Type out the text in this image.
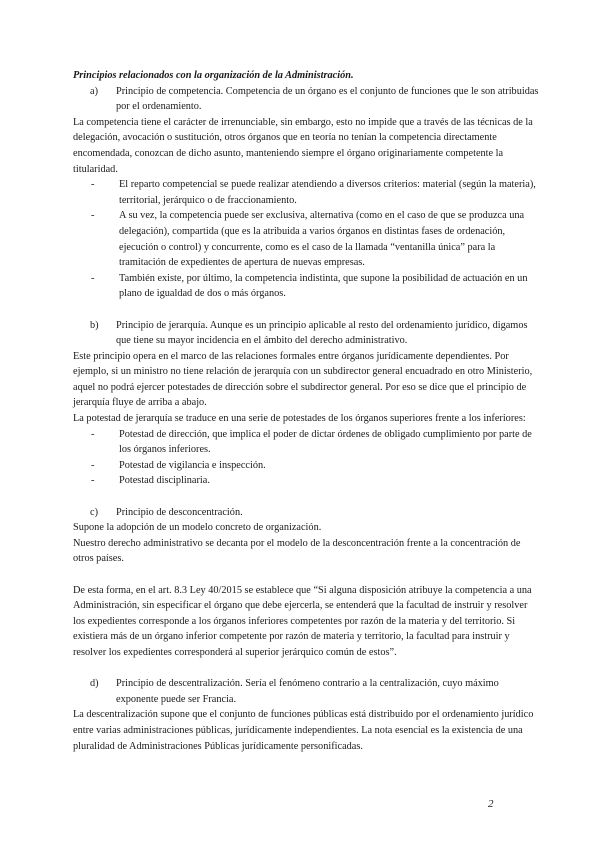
Principios relacionados con la organización de la Administración.

a)	Principio de competencia. Competencia de un órgano es el conjunto de funciones que le son atribuidas por el ordenamiento.

La competencia tiene el carácter de irrenunciable, sin embargo, esto no impide que a través de las técnicas de la delegación, avocación o sustitución, otros órganos que en teoría no tenían la competencia directamente encomendada, conozcan de dicho asunto, manteniendo siempre el órgano originariamente competente la titularidad.

-	El reparto competencial se puede realizar atendiendo a diversos criterios: material (según la materia), territorial, jerárquico o de fraccionamiento.
-	A su vez, la competencia puede ser exclusiva, alternativa (como en el caso de que se produzca una delegación), compartida (que es la atribuida a varios órganos en distintas fases de ordenación, ejecución o control) y concurrente, como es el caso de la llamada “ventanilla única” para la tramitación de expedientes de apertura de nuevas empresas.
-	También existe, por último, la competencia indistinta, que supone la posibilidad de actuación en un plano de igualdad de dos o más órganos.
b)	Principio de jerarquía. Aunque es un principio aplicable al resto del ordenamiento jurídico, digamos que tiene su mayor incidencia en el ámbito del derecho administrativo.

Este principio opera en el marco de las relaciones formales entre órganos jurídicamente dependientes. Por ejemplo, si un ministro no tiene relación de jerarquía con un subdirector general encuadrado en otro Ministerio, aquel no podrá ejercer potestades de dirección sobre el subdirector general. Por eso se dice que el principio de jerarquía fluye de arriba a abajo.

La potestad de jerarquía se traduce en una serie de potestades de los órganos superiores frente a los inferiores:

-	Potestad de dirección, que implica el poder de dictar órdenes de obligado cumplimiento por parte de los órganos inferiores.
-	Potestad de vigilancia e inspección.
-	Potestad disciplinaria.
c)	Principio de desconcentración.

Supone la adopción de un modelo concreto de organización.

Nuestro derecho administrativo se decanta por el modelo de la desconcentración frente a la concentración de otros países.

De esta forma, en el art. 8.3 Ley 40/2015 se establece que “Si alguna disposición atribuye la competencia a una Administración, sin especificar el órgano que debe ejercerla, se entenderá que la facultad de instruir y resolver los expedientes corresponde a los órganos inferiores competentes por razón de la materia y del territorio. Si existiera más de un órgano inferior competente por razón de materia y territorio, la facultad para instruir y resolver los expedientes corresponderá al superior jerárquico común de estos”.

d)	Principio de descentralización. Sería el fenómeno contrario a la centralización, cuyo máximo exponente puede ser Francia.

La descentralización supone que el conjunto de funciones públicas está distribuido por el ordenamiento jurídico entre varias administraciones públicas, jurídicamente independientes. La nota esencial es la existencia de una pluralidad de Administraciones Públicas jurídicamente personificadas.

2
